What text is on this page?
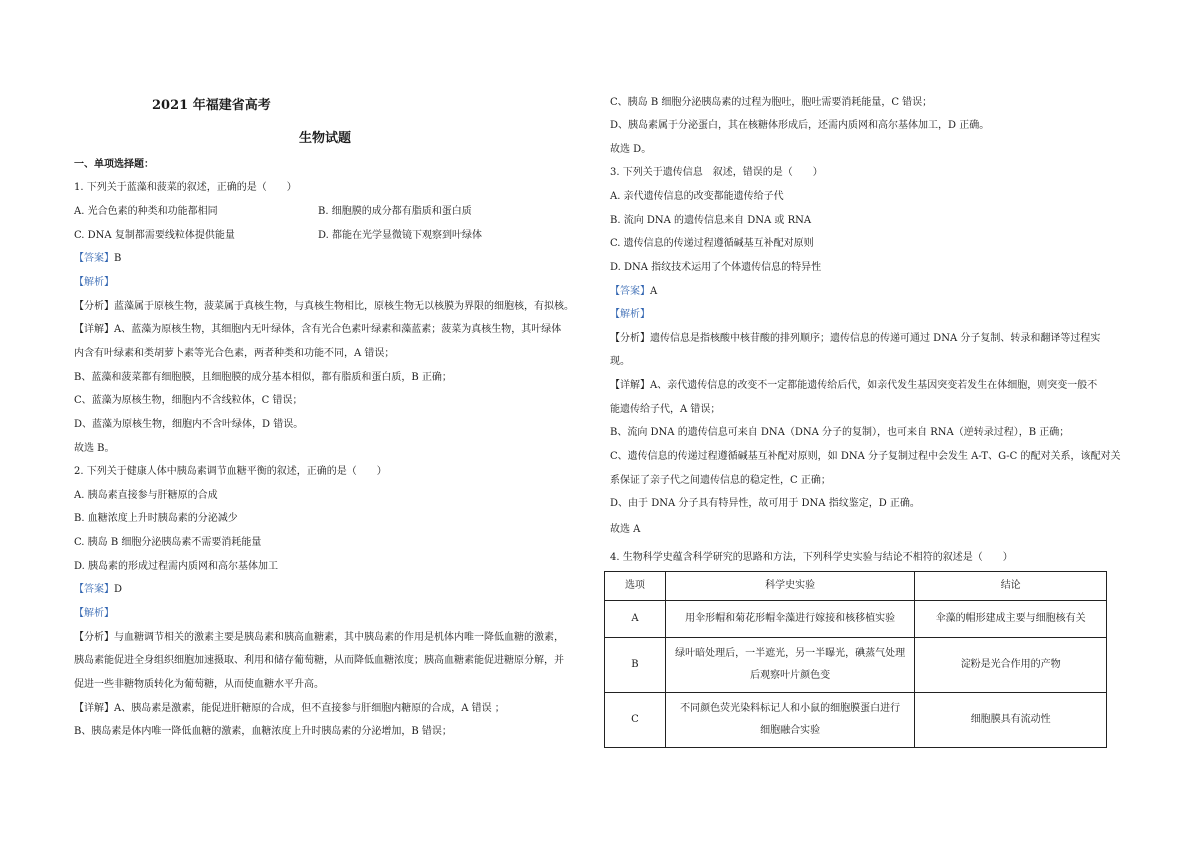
2021 年福建省高考
生物试题
一、单项选择题：
1. 下列关于蓝藻和菠菜的叙述，正确的是（　　）
A. 光合色素的种类和功能都相同	B. 细胞膜的成分都有脂质和蛋白质
C. DNA 复制都需要线粒体提供能量	D. 都能在光学显微镜下观察到叶绿体
【答案】B
【解析】
【分析】蓝藻属于原核生物，菠菜属于真核生物，与真核生物相比，原核生物无以核膜为界限的细胞核，有拟核。
【详解】A、蓝藻为原核生物，其细胞内无叶绿体，含有光合色素叶绿素和藻蓝素；菠菜为真核生物，其叶绿体
内含有叶绿素和类胡萝卜素等光合色素，两者种类和功能不同，A 错误；
B、蓝藻和菠菜都有细胞膜，且细胞膜的成分基本相似，都有脂质和蛋白质，B 正确；
C、蓝藻为原核生物，细胞内不含线粒体，C 错误；
D、蓝藻为原核生物，细胞内不含叶绿体，D 错误。
故选 B。
2. 下列关于健康人体中胰岛素调节血糖平衡的叙述，正确的是（　　）
A. 胰岛素直接参与肝糖原的合成
B. 血糖浓度上升时胰岛素的分泌减少
C. 胰岛 B 细胞分泌胰岛素不需要消耗能量
D. 胰岛素的形成过程需内质网和高尔基体加工
【答案】D
【解析】
【分析】与血糖调节相关的激素主要是胰岛素和胰高血糖素，其中胰岛素的作用是机体内唯一降低血糖的激素，
胰岛素能促进全身组织细胞加速摄取、利用和储存葡萄糖，从而降低血糖浓度；胰高血糖素能促进糖原分解，并
促进一些非糖物质转化为葡萄糖，从而使血糖水平升高。
【详解】A、胰岛素是激素，能促进肝糖原的合成，但不直接参与肝细胞内糖原的合成，A 错误 ；
B、胰岛素是体内唯一降低血糖的激素，血糖浓度上升时胰岛素的分泌增加，B 错误；
C、胰岛 B 细胞分泌胰岛素的过程为胞吐，胞吐需要消耗能量，C 错误；
D、胰岛素属于分泌蛋白，其在核糖体形成后，还需内质网和高尔基体加工，D 正确。
故选 D。
3. 下列关于遗传信息　叙述，错误的是（　　）
A. 亲代遗传信息的改变都能遗传给子代
B. 流向 DNA 的遗传信息来自 DNA 或 RNA
C. 遗传信息的传递过程遵循碱基互补配对原则
D. DNA 指纹技术运用了个体遗传信息的特异性
【答案】A
【解析】
【分析】遗传信息是指核酸中核苷酸的排列顺序；遗传信息的传递可通过 DNA 分子复制、转录和翻译等过程实
现。
【详解】A、亲代遗传信息的改变不一定都能遗传给后代，如亲代发生基因突变若发生在体细胞，则突变一般不
能遗传给子代，A 错误；
B、流向 DNA 的遗传信息可来自 DNA（DNA 分子的复制），也可来自 RNA（逆转录过程），B 正确；
C、遗传信息的传递过程遵循碱基互补配对原则，如 DNA 分子复制过程中会发生 A-T、G-C 的配对关系，该配对关
系保证了亲子代之间遗传信息的稳定性，C 正确；
D、由于 DNA 分子具有特异性，故可用于 DNA 指纹鉴定，D 正确。
故选 A
4. 生物科学史蕴含科学研究的思路和方法，下列科学史实验与结论不相符的叙述是（　　）
选项	科学史实验	结论
A	用伞形帽和菊花形帽伞藻进行嫁接和核移植实验	伞藻的帽形建成主要与细胞核有关
B	绿叶暗处理后，一半遮光，另一半曝光，碘蒸气处理
后观察叶片颜色变	淀粉是光合作用的产物
C	不同颜色荧光染料标记人和小鼠的细胞膜蛋白进行
细胞融合实验	细胞膜具有流动性
